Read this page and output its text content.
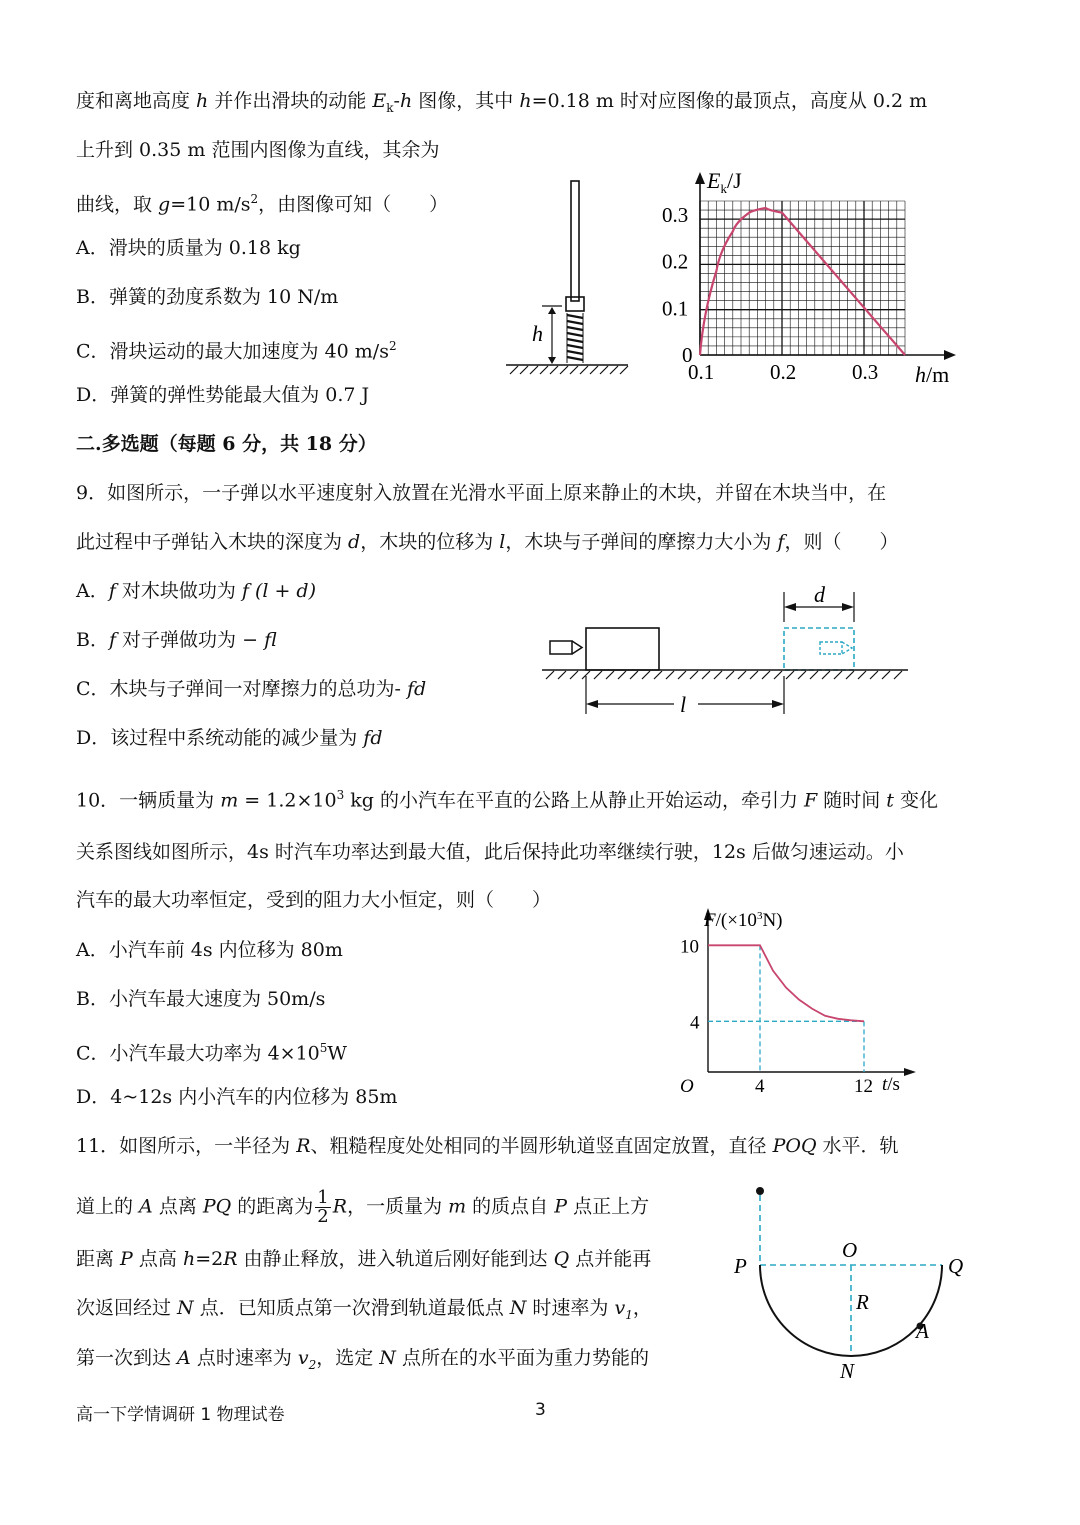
度和离地高度 h 并作出滑块的动能 $E_k-h$ 图像，其中 h=0.18 m 时对应图像的最顶点，高度从 0.2 m
上升到 0.35 m 范围内图像为直线，其余为
曲线，取 g=10 $m/s^2$，由图像可知（　　）
A．滑块的质量为 0.18 kg
B．弹簧的劲度系数为 10 N/m
C．滑块运动的最大加速度为 40 $m/s^2$
D．弹簧的弹性势能最大值为 0.7 J
h
0.1	0.2	0.3
0
0.1
0.2
0.3
$E_k/J$
h/m
二.多选题（每题 6 分，共 18 分）
9．如图所示，一子弹以水平速度射入放置在光滑水平面上原来静止的木块，并留在木块当中，在
此过程中子弹钻入木块的深度为 d，木块的位移为 l，木块与子弹间的摩擦力大小为 f，则（　　）
A．f 对木块做功为 f (l + d)
B．f 对子弹做功为 − fl
C．木块与子弹间一对摩擦力的总功为- fd
D．该过程中系统动能的减少量为 fd
d
l
10．一辆质量为 $m = 1.2\times 10^3$ kg 的小汽车在平直的公路上从静止开始运动，牵引力 F 随时间 t 变化
关系图线如图所示，4s 时汽车功率达到最大值，此后保持此功率继续行驶，12s 后做匀速运动。小
汽车的最大功率恒定，受到的阻力大小恒定，则（　　）
A．小汽车前 4s 内位移为 80m
B．小汽车最大速度为 50m/s
C．小汽车最大功率为 $4\times 10^5W$
D．4~12s 内小汽车的内位移为 85m	4	12
4
10
$F/(\times 10^3N)$
t/s
O
11．如图所示，一半径为 R、粗糙程度处处相同的半圆形轨道竖直固定放置，直径 POQ 水平．轨
道上的 A 点离 PQ 的距离为 $\frac{1}{2}$ R，一质量为 m 的质点自 P 点正上方
距离 P 点高 h=2R 由静止释放，进入轨道后刚好能到达 Q 点并能再
次返回经过 N 点．已知质点第一次滑到轨道最低点 N 时速率为 $v_1$，
第一次到达 A 点时速率为 $v_2$，选定 N 点所在的水平面为重力势能的
P
O
Q
R
A
N
高一下学情调研 1 物理试卷	3
